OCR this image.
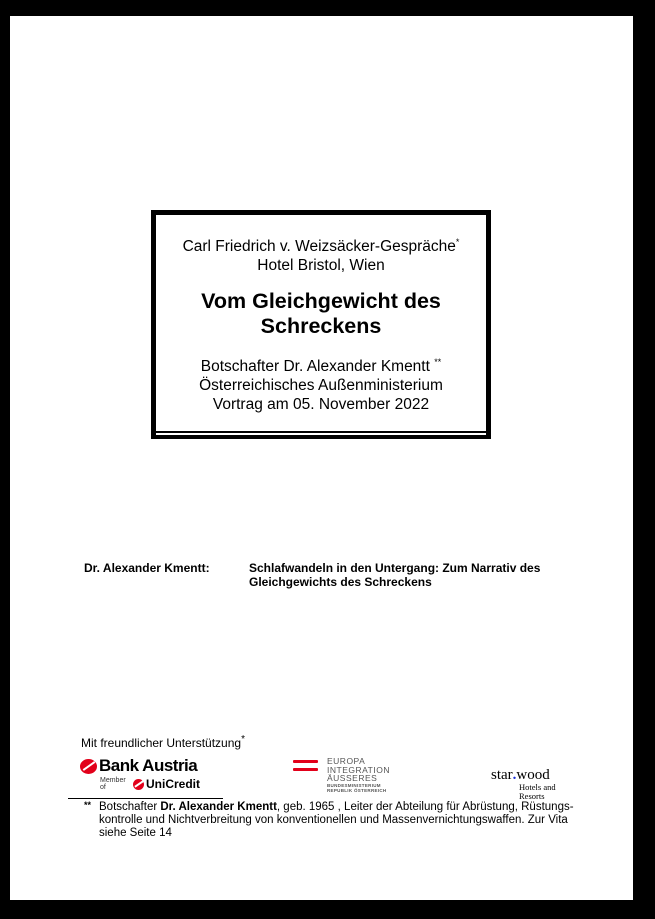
Carl Friedrich v. Weizsäcker-Gespräche*
Hotel Bristol, Wien
Vom Gleichgewicht des
Schreckens
Botschafter Dr. Alexander Kmentt **
Österreichisches Außenministerium
Vortrag am 05. November 2022
Dr. Alexander Kmentt:	Schlafwandeln in den Untergang: Zum Narrativ des
Gleichgewichts des Schreckens
Mit freundlicher Unterstützung*
Bank Austria
Member of	UniCredit
EUROPA
INTEGRATION
ÄUSSERES
BUNDESMINISTERIUM
REPUBLIK ÖSTERREICH
star.wood
Hotels and
Resorts
** Botschafter Dr. Alexander Kmentt, geb. 1965 , Leiter der Abteilung für Abrüstung, Rüstungs-kontrolle und Nichtverbreitung von konventionellen und Massenvernichtungswaffen. Zur Vita siehe Seite 14
